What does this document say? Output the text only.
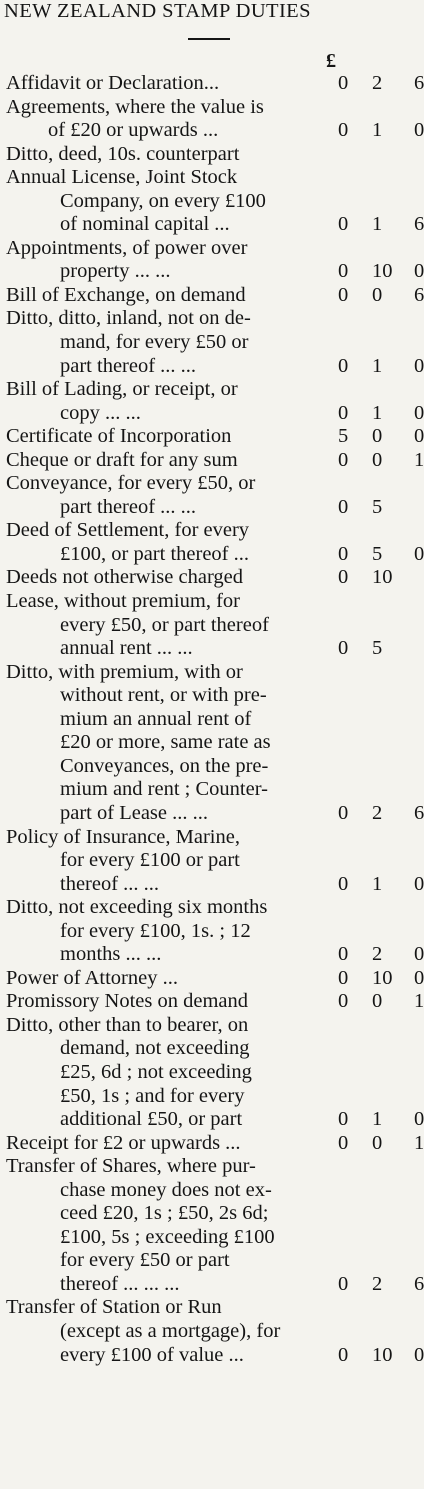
NEW ZEALAND STAMP DUTIES
£
Affidavit or Declaration...	0 2 6
Agreements, where the value is
of £20 or upwards ...	0 1 0
Ditto, deed, 10s. counterpart
Annual License, Joint Stock
Company, on every £100
of nominal capital ...	0 1 6
Appointments, of power over
property ... ...	0 10 0
Bill of Exchange, on demand	0 0 6
Ditto, ditto, inland, not on de-
mand, for every £50 or
part thereof ... ...	0 1 0
Bill of Lading, or receipt, or
copy ... ...	0 1 0
Certificate of Incorporation	5 0 0
Cheque or draft for any sum	0 0 1
Conveyance, for every £50, or
part thereof ... ...	0 5
Deed of Settlement, for every
£100, or part thereof ...	0 5 0
Deeds not otherwise charged	0 10
Lease, without premium, for
every £50, or part thereof
annual rent ... ...	0 5
Ditto, with premium, with or
without rent, or with pre-
mium an annual rent of
£20 or more, same rate as
Conveyances, on the pre-
mium and rent ; Counter-
part of Lease ... ...	0 2 6
Policy of Insurance, Marine,
for every £100 or part
thereof ... ...	0 1 0
Ditto, not exceeding six months
for every £100, 1s. ; 12
months ... ...	0 2 0
Power of Attorney ...	0 10 0
Promissory Notes on demand	0 0 1
Ditto, other than to bearer, on
demand, not exceeding
£25, 6d ; not exceeding
£50, 1s ; and for every
additional £50, or part	0 1 0
Receipt for £2 or upwards ...	0 0 1
Transfer of Shares, where pur-
chase money does not ex-
ceed £20, 1s ; £50, 2s 6d;
£100, 5s ; exceeding £100
for every £50 or part
thereof ... ... ...	0 2 6
Transfer of Station or Run
(except as a mortgage), for
every £100 of value ...	0 10 0
